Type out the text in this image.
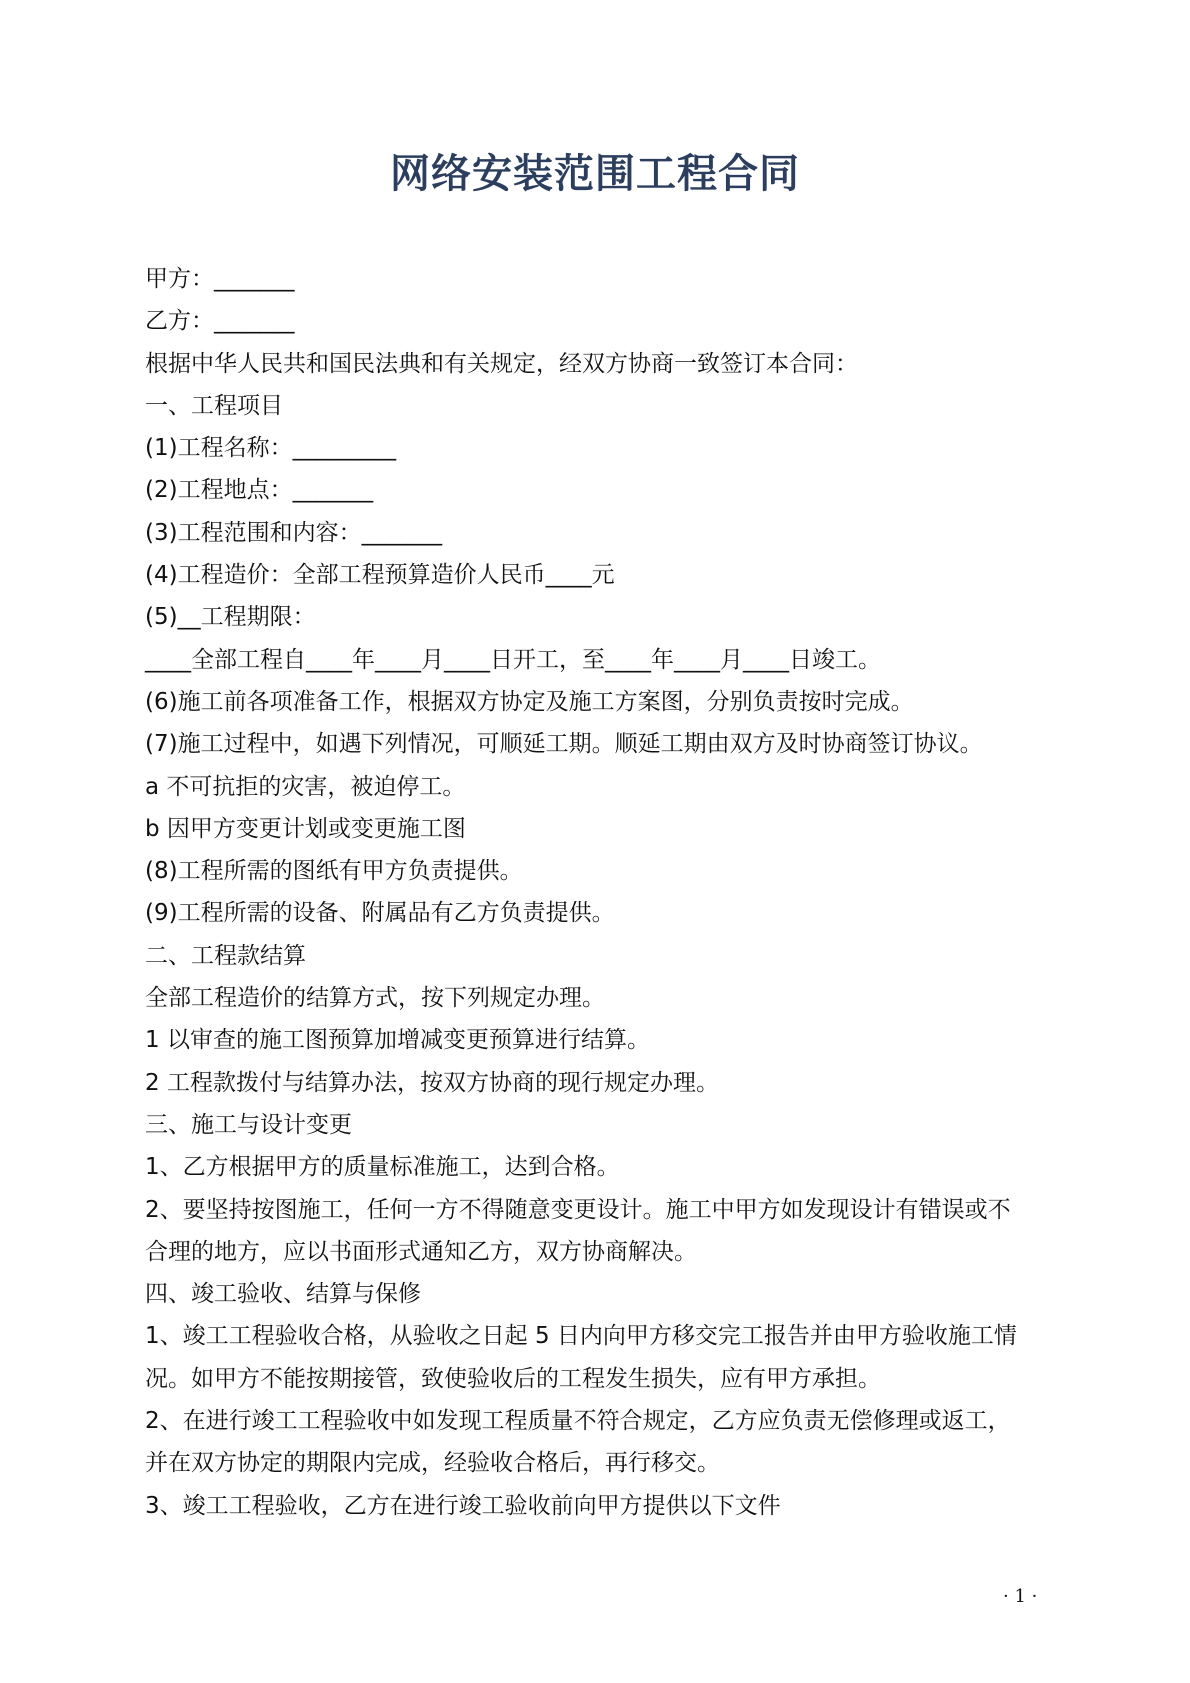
网络安装范围工程合同

甲方：_______

乙方：_______

根据中华人民共和国民法典和有关规定，经双方协商一致签订本合同：

一、工程项目

(1)工程名称：_________

(2)工程地点：_______

(3)工程范围和内容：_______

(4)工程造价：全部工程预算造价人民币____元

(5)__工程期限：

____全部工程自____年____月____日开工，至____年____月____日竣工。

(6)施工前各项准备工作，根据双方协定及施工方案图，分别负责按时完成。

(7)施工过程中，如遇下列情况，可顺延工期。顺延工期由双方及时协商签订协议。

a 不可抗拒的灾害，被迫停工。

b 因甲方变更计划或变更施工图

(8)工程所需的图纸有甲方负责提供。

(9)工程所需的设备、附属品有乙方负责提供。

二、工程款结算

全部工程造价的结算方式，按下列规定办理。

1 以审查的施工图预算加增减变更预算进行结算。

2 工程款拨付与结算办法，按双方协商的现行规定办理。

三、施工与设计变更

1、乙方根据甲方的质量标准施工，达到合格。

2、要坚持按图施工，任何一方不得随意变更设计。施工中甲方如发现设计有错误或不

合理的地方，应以书面形式通知乙方，双方协商解决。

四、竣工验收、结算与保修

1、竣工工程验收合格，从验收之日起 5 日内向甲方移交完工报告并由甲方验收施工情

况。如甲方不能按期接管，致使验收后的工程发生损失，应有甲方承担。

2、在进行竣工工程验收中如发现工程质量不符合规定，乙方应负责无偿修理或返工，

并在双方协定的期限内完成，经验收合格后，再行移交。

3、竣工工程验收，乙方在进行竣工验收前向甲方提供以下文件

· 1 ·
